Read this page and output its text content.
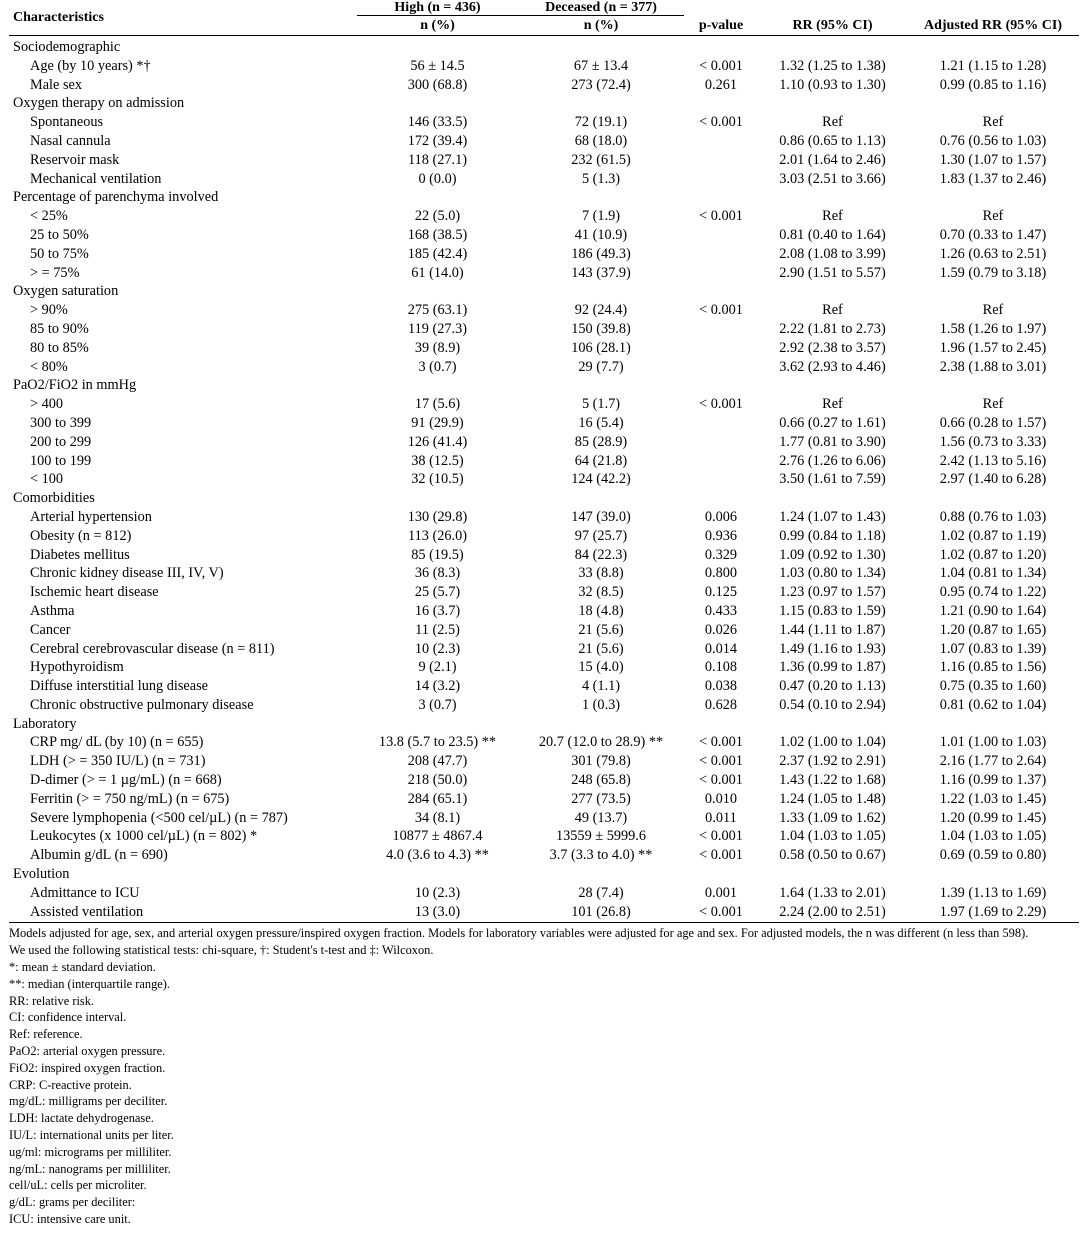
Characteristics	High (n = 436)	Deceased (n = 377)			
	n (%)	n (%)	p-value	RR (95% CI)	Adjusted RR (95% CI)
Sociodemographic					
Age (by 10 years) *†	56 ± 14.5	67 ± 13.4	< 0.001	1.32 (1.25 to 1.38)	1.21 (1.15 to 1.28)
Male sex	300 (68.8)	273 (72.4)	0.261	1.10 (0.93 to 1.30)	0.99 (0.85 to 1.16)
Oxygen therapy on admission					
Spontaneous	146 (33.5)	72 (19.1)	< 0.001	Ref	Ref
Nasal cannula	172 (39.4)	68 (18.0)		0.86 (0.65 to 1.13)	0.76 (0.56 to 1.03)
Reservoir mask	118 (27.1)	232 (61.5)		2.01 (1.64 to 2.46)	1.30 (1.07 to 1.57)
Mechanical ventilation	0 (0.0)	5 (1.3)		3.03 (2.51 to 3.66)	1.83 (1.37 to 2.46)
Percentage of parenchyma involved					
< 25%	22 (5.0)	7 (1.9)	< 0.001	Ref	Ref
25 to 50%	168 (38.5)	41 (10.9)		0.81 (0.40 to 1.64)	0.70 (0.33 to 1.47)
50 to 75%	185 (42.4)	186 (49.3)		2.08 (1.08 to 3.99)	1.26 (0.63 to 2.51)
> = 75%	61 (14.0)	143 (37.9)		2.90 (1.51 to 5.57)	1.59 (0.79 to 3.18)
Oxygen saturation					
> 90%	275 (63.1)	92 (24.4)	< 0.001	Ref	Ref
85 to 90%	119 (27.3)	150 (39.8)		2.22 (1.81 to 2.73)	1.58 (1.26 to 1.97)
80 to 85%	39 (8.9)	106 (28.1)		2.92 (2.38 to 3.57)	1.96 (1.57 to 2.45)
< 80%	3 (0.7)	29 (7.7)		3.62 (2.93 to 4.46)	2.38 (1.88 to 3.01)
PaO2/FiO2 in mmHg					
> 400	17 (5.6)	5 (1.7)	< 0.001	Ref	Ref
300 to 399	91 (29.9)	16 (5.4)		0.66 (0.27 to 1.61)	0.66 (0.28 to 1.57)
200 to 299	126 (41.4)	85 (28.9)		1.77 (0.81 to 3.90)	1.56 (0.73 to 3.33)
100 to 199	38 (12.5)	64 (21.8)		2.76 (1.26 to 6.06)	2.42 (1.13 to 5.16)
< 100	32 (10.5)	124 (42.2)		3.50 (1.61 to 7.59)	2.97 (1.40 to 6.28)
Comorbidities					
Arterial hypertension	130 (29.8)	147 (39.0)	0.006	1.24 (1.07 to 1.43)	0.88 (0.76 to 1.03)
Obesity (n = 812)	113 (26.0)	97 (25.7)	0.936	0.99 (0.84 to 1.18)	1.02 (0.87 to 1.19)
Diabetes mellitus	85 (19.5)	84 (22.3)	0.329	1.09 (0.92 to 1.30)	1.02 (0.87 to 1.20)
Chronic kidney disease III, IV, V)	36 (8.3)	33 (8.8)	0.800	1.03 (0.80 to 1.34)	1.04 (0.81 to 1.34)
Ischemic heart disease	25 (5.7)	32 (8.5)	0.125	1.23 (0.97 to 1.57)	0.95 (0.74 to 1.22)
Asthma	16 (3.7)	18 (4.8)	0.433	1.15 (0.83 to 1.59)	1.21 (0.90 to 1.64)
Cancer	11 (2.5)	21 (5.6)	0.026	1.44 (1.11 to 1.87)	1.20 (0.87 to 1.65)
Cerebral cerebrovascular disease (n = 811)	10 (2.3)	21 (5.6)	0.014	1.49 (1.16 to 1.93)	1.07 (0.83 to 1.39)
Hypothyroidism	9 (2.1)	15 (4.0)	0.108	1.36 (0.99 to 1.87)	1.16 (0.85 to 1.56)
Diffuse interstitial lung disease	14 (3.2)	4 (1.1)	0.038	0.47 (0.20 to 1.13)	0.75 (0.35 to 1.60)
Chronic obstructive pulmonary disease	3 (0.7)	1 (0.3)	0.628	0.54 (0.10 to 2.94)	0.81 (0.62 to 1.04)
Laboratory					
CRP mg/ dL (by 10) (n = 655)	13.8 (5.7 to 23.5) **	20.7 (12.0 to 28.9) **	< 0.001	1.02 (1.00 to 1.04)	1.01 (1.00 to 1.03)
LDH (> = 350 IU/L) (n = 731)	208 (47.7)	301 (79.8)	< 0.001	2.37 (1.92 to 2.91)	2.16 (1.77 to 2.64)
D-dimer (> = 1 µg/mL) (n = 668)	218 (50.0)	248 (65.8)	< 0.001	1.43 (1.22 to 1.68)	1.16 (0.99 to 1.37)
Ferritin (> = 750 ng/mL) (n = 675)	284 (65.1)	277 (73.5)	0.010	1.24 (1.05 to 1.48)	1.22 (1.03 to 1.45)
Severe lymphopenia (<500 cel/µL) (n = 787)	34 (8.1)	49 (13.7)	0.011	1.33 (1.09 to 1.62)	1.20 (0.99 to 1.45)
Leukocytes (x 1000 cel/µL) (n = 802) *	10877 ± 4867.4	13559 ± 5999.6	< 0.001	1.04 (1.03 to 1.05)	1.04 (1.03 to 1.05)
Albumin g/dL (n = 690)	4.0 (3.6 to 4.3) **	3.7 (3.3 to 4.0) **	< 0.001	0.58 (0.50 to 0.67)	0.69 (0.59 to 0.80)
Evolution					
Admittance to ICU	10 (2.3)	28 (7.4)	0.001	1.64 (1.33 to 2.01)	1.39 (1.13 to 1.69)
Assisted ventilation	13 (3.0)	101 (26.8)	< 0.001	2.24 (2.00 to 2.51)	1.97 (1.69 to 2.29)
Models adjusted for age, sex, and arterial oxygen pressure/inspired oxygen fraction. Models for laboratory variables were adjusted for age and sex. For adjusted models, the n was different (n less than 598).
We used the following statistical tests: chi-square, †: Student's t-test and ‡: Wilcoxon.
*: mean ± standard deviation.
**: median (interquartile range).
RR: relative risk.
CI: confidence interval.
Ref: reference.
PaO2: arterial oxygen pressure.
FiO2: inspired oxygen fraction.
CRP: C-reactive protein.
mg/dL: milligrams per deciliter.
LDH: lactate dehydrogenase.
IU/L: international units per liter.
ug/ml: micrograms per milliliter.
ng/mL: nanograms per milliliter.
cell/uL: cells per microliter.
g/dL: grams per deciliter:
ICU: intensive care unit.
